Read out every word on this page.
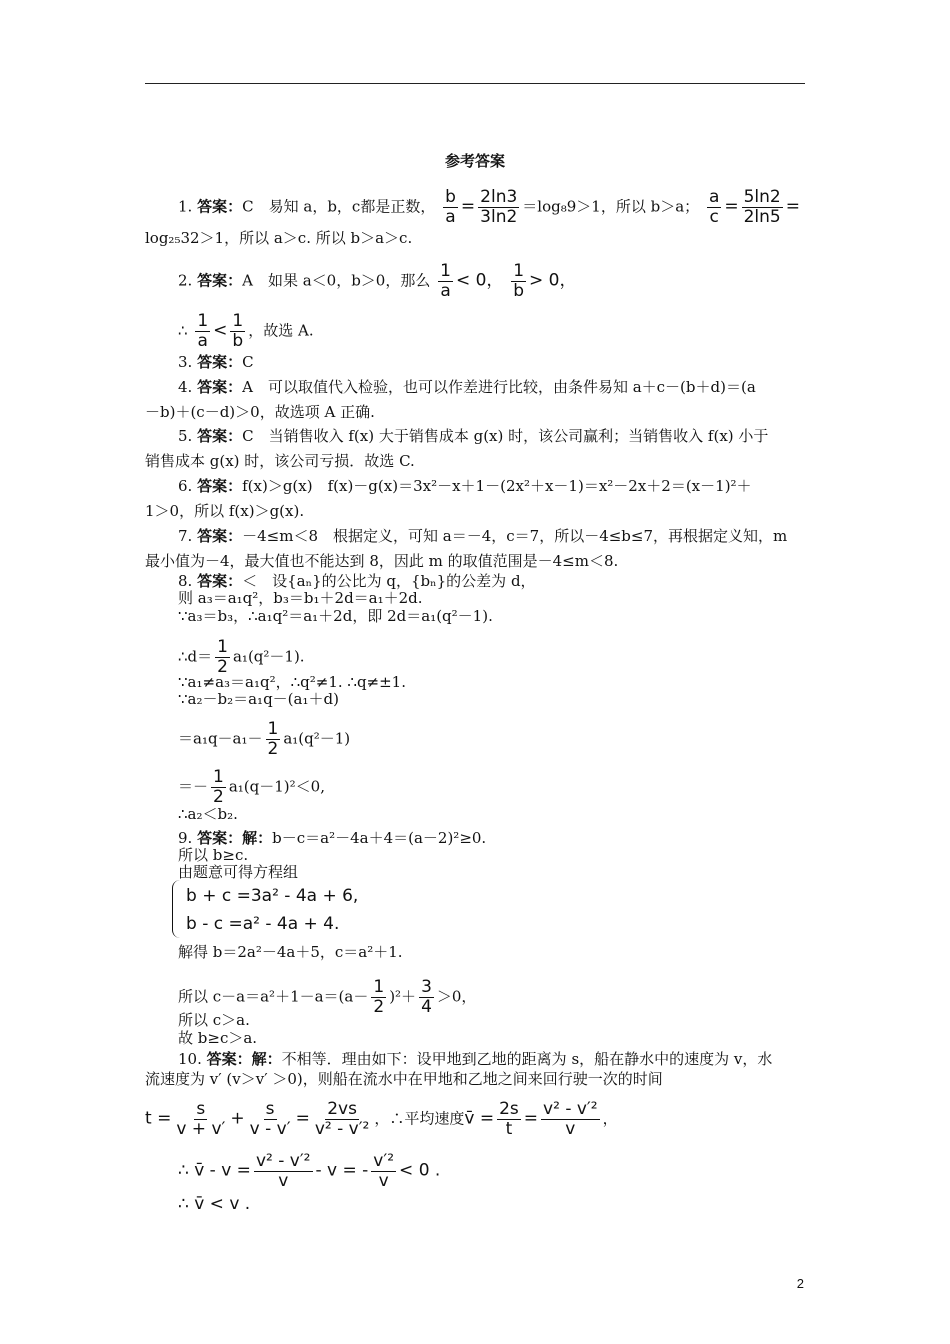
参考答案
1. 答案：C　易知 a，b，c都是正数， $\frac{b}{a} = \frac{2\ln 3}{3\ln 2} =\log_89>1$，所以 b＞a； $\frac{a}{c} = \frac{5\ln 2}{2\ln 5}$ =
log₂₅32＞1，所以 a＞c. 所以 b＞a＞c.
2. 答案：A　如果 a＜0，b＞0，那么 $\frac{1}{a} < 0$， $\frac{1}{b} > 0$，
∴ $\frac{1}{a} < \frac{1}{b}$ ，故选 A.
3. 答案：C
4. 答案：A　可以取值代入检验，也可以作差进行比较，由条件易知 a＋c－(b＋d)＝(a
－b)＋(c－d)＞0，故选项 A 正确.
5. 答案：C　当销售收入 f(x) 大于销售成本 g(x) 时，该公司赢利；当销售收入 f(x) 小于
销售成本 g(x) 时，该公司亏损．故选 C.
6. 答案：f(x)＞g(x)　f(x)－g(x)＝3x²－x＋1－(2x²＋x－1)＝x²－2x＋2＝(x－1)²＋
1＞0，所以 f(x)＞g(x).
7. 答案：－4≤m＜8　根据定义，可知 a＝－4，c＝7，所以－4≤b≤7，再根据定义知，m
最小值为－4，最大值也不能达到 8，因此 m 的取值范围是－4≤m＜8.
8. 答案：＜　设{aₙ}的公比为 q，{bₙ}的公差为 d，
则 a₃＝a₁q²，b₃＝b₁＋2d＝a₁＋2d.
∵a₃＝b₃，∴a₁q²＝a₁＋2d，即 2d＝a₁(q²－1).
∴d＝ $\frac{1}{2} a_1(q^2-1)$.
∵a₁≠a₃＝a₁q²，∴q²≠1. ∴q≠±1.
∵a₂－b₂＝a₁q－(a₁＋d)
$=a_1q-a_1- \frac{1}{2} a_1(q^2-1)$
＝－ $\frac{1}{2} a_1(q-1)^2<0$,
∴a₂＜b₂.
9. 答案：解：b－c＝a²－4a＋4＝(a－2)²≥0.
所以 b≥c.
由题意可得方程组
b + c =3a² - 4a + 6,
b - c =a² - 4a + 4.
解得 b＝2a²－4a＋5，c＝a²＋1.
所以 $c-a=a^2+1-a=(a- \frac{1}{2} )^2+ \frac{3}{4} >0$，
所以 c＞a.
故 b≥c＞a.
10. 答案：解：不相等．理由如下：设甲地到乙地的距离为 s，船在静水中的速度为 v，水
流速度为 v′ (v＞v′ ＞0)，则船在流水中在甲地和乙地之间来回行驶一次的时间
$t = \frac{s}{v + v'} + \frac{s}{v - v'} = \frac{2vs}{\text{v² - v′²}}$ ，∴平均速度v̄ = $\frac{2s}{t} = \frac{\text{v² - v′²}}{v}$ ，
∴ v̄ - $v = \frac{\text{v² - v′²}}{v} - v$ = - $\frac{\text{v′²}}{v} < 0$ .
∴ v̄ < v .
2
